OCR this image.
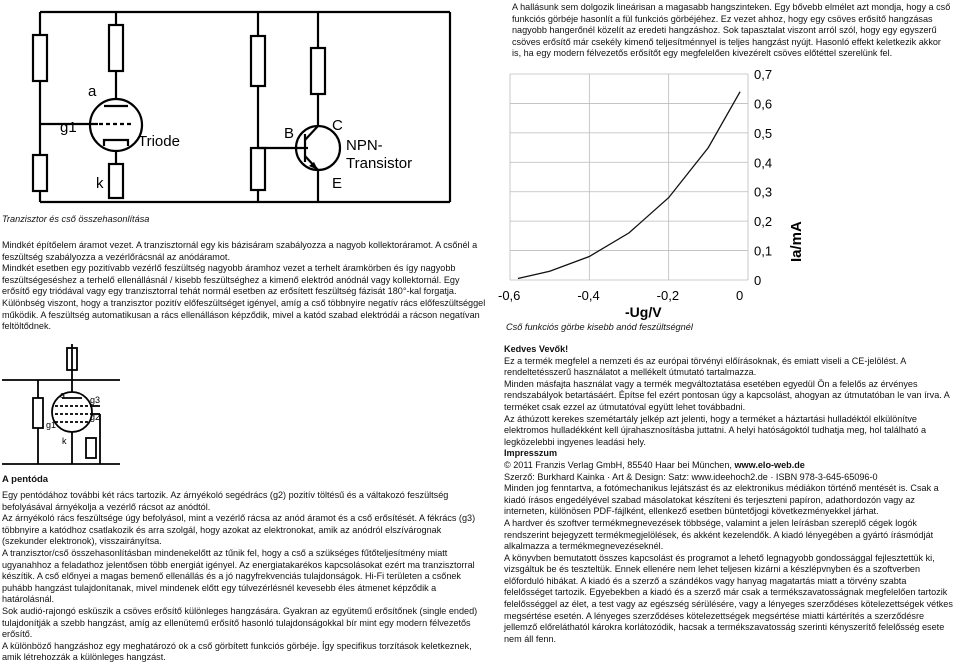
A hallásunk sem dolgozik lineárisan a magasabb hangszinteken. Egy bővebb elmélet azt mondja, hogy a cső funkciós görbéje hasonlít a fül funkciós görbéjéhez. Ez vezet ahhoz, hogy egy csöves erősítő hangzásas nagyobb hangerőnél közelít az eredeti hangzáshoz. Sok tapasztalat viszont arról szól, hogy egy egyszerű csöves erősítő már csekély kimenő teljesítménnyel is teljes hangzást nyújt. Hasonló effekt keletkezik akkor is, ha egy modern félvezetős erősítőt egy megfelelően kivezérelt csöves előtéttel szerelünk fel.

a
g1
k
Triode	B	C
E
NPN-
Transistor
Tranzisztor és cső összehasonlítása
0
0,1
0,2
0,3
0,4
0,5
0,6
0,7
-0,6	-0,4	-0,2	0
Ia/mA
-Ug/V
Cső funkciós görbe kisebb anód feszültségnél

Mindkét építőelem áramot vezet. A tranzisztornál egy kis bázisáram szabályozza a nagyob kollektoráramot. A csőnél a feszültség szabályozza a vezérlőrácsnál az anódáramot.

Mindkét esetben egy pozitívabb vezérlő feszültség nagyobb áramhoz vezet a terhelt áramkörben és így nagyobb feszültségeséshez a terhelő ellenállásnál / kisebb feszültséghez a kimenő elektród anódnál vagy kollektornál. Egy erősítő egy triódával vagy egy tranzisztorral tehát normál esetben az erősített feszültség fázisát 180°-kal forgatja. Különbség viszont, hogy a tranzisztor pozitív előfeszültséget igényel, amíg a cső többnyire negatív rács előfeszültséggel működik. A feszültség automatikusan a rács ellenálláson képződik, mivel a katód szabad elektródái a rácson negatívan feltöltődnek.

a	g3
g2
g1
k
A pentóda

Egy pentódához további két rács tartozik. Az árnyékoló segédrács (g2) pozitív töltésű és a váltakozó feszültség befolyásával árnyékolja a vezérlő rácsot az anódtól.

Az árnyékoló rács feszültsége úgy befolyásol, mint a vezérlő rácsa az anód áramot és a cső erősítését. A fékrács (g3) többnyire a katódhoz csatlakozik és arra szolgál, hogy azokat az elektronokat, amik az anódról elszívárognak (szekunder elektronok), visszairányítsa.

A tranzisztor/cső összehasonlításban mindenekelőtt az tűnik fel, hogy a cső a szükséges fűtőteljesítmény miatt ugyanahhoz a feladathoz jelentősen több energiát igényel. Az energiatakarékos kapcsolásokat ezért ma tranzisztorral készítik. A cső előnyei a magas bemenő ellenállás és a jó nagyfrekvenciás tulajdonságok. Hi-Fi területen a csőnek puhább hangzást tulajdonítanak, mivel mindenek előtt egy túlvezérlésnél kevesebb éles átmenet képződik a határolásnál.

Sok audió-rajongó esküszik a csöves erősítő különleges hangzására. Gyakran az együtemű erősítőnek (single ended) tulajdonítják a szebb hangzást, amíg az ellenütemű erősítő hasonló tulajdonságokkal bír mint egy modern félvezetős erősítő.

A különböző hangzáshoz egy meghatározó ok a cső görbített funkciós görbéje. Így specifikus torzítások keletkeznek, amik létrehozzák a különleges hangzást.

Kedves Vevők!

Ez a termék megfelel a nemzeti és az európai törvényi előírásoknak, és emiatt viseli a CE-jelölést. A rendeltetésszerű használatot a mellékelt útmutató tartalmazza.

Minden másfajta használat vagy a termék megváltoztatása esetében egyedül Ön a felelős az érvényes rendszabályok betartásáért. Építse fel ezért pontosan úgy a kapcsolást, ahogyan az útmutatóban le van írva. A terméket csak ezzel az útmutatóval együtt lehet továbbadni.

Az áthúzott kerekes szemétartály jelkép azt jelenti, hogy a terméket a háztartási hulladéktól elkülönítve elektromos hulladékként kell újrahasznosításba juttatni. A helyi hatóságoktól tudhatja meg, hol található a legközelebbi ingyenes leadási hely.

Impresszum

© 2011 Franzis Verlag GmbH, 85540 Haar bei München, www.elo-web.de

Szerző: Burkhard Kainka · Art & Design: Satz: www.ideehoch2.de · ISBN 978-3-645-65096-0

Minden jog fenntartva, a fotómechanikus lejátszást és az elektronikus médiákon történő mentését is. Csak a kiadó írásos engedélyével szabad másolatokat készíteni és terjeszteni papíron, adathordozón vagy az interneten, különösen PDF-fájlként, ellenkező esetben büntetőjogi következményekkel járhat.

A hardver és szoftver termékmegnevezések többsége, valamint a jelen leírásban szereplő cégek logók rendszerint bejegyzett termékmegjelölések, és akként kezelendők. A kiadó lényegében a gyártó írásmódját alkalmazza a termékmegnevezéseknél.

A könyvben bemutatott összes kapcsolást és programot a lehető legnagyobb gondossággal fejlesztettük ki, vizsgáltuk be és teszteltük. Ennek ellenére nem lehet teljesen kizárni a készlépvnyben és a szoftverben előforduló hibákat. A kiadó és a szerző a szándékos vagy hanyag magatartás miatt a törvény szabta felelősséget tartozik. Egyebekben a kiadó és a szerző már csak a termékszavatosságnak megfelelően tartozik felelősséggel az élet, a test vagy az egészség sérülésére, vagy a lényeges szerződéses kötelezettségek vétkes megsértése esetén. A lényeges szerződéses kötelezettségek megsértése miatti kártérítés a szerződésre jellemző előreláthatól károkra korlátozódik, hacsak a termékszavatosság szerinti kényszerítő felelősség esete nem áll fenn.
